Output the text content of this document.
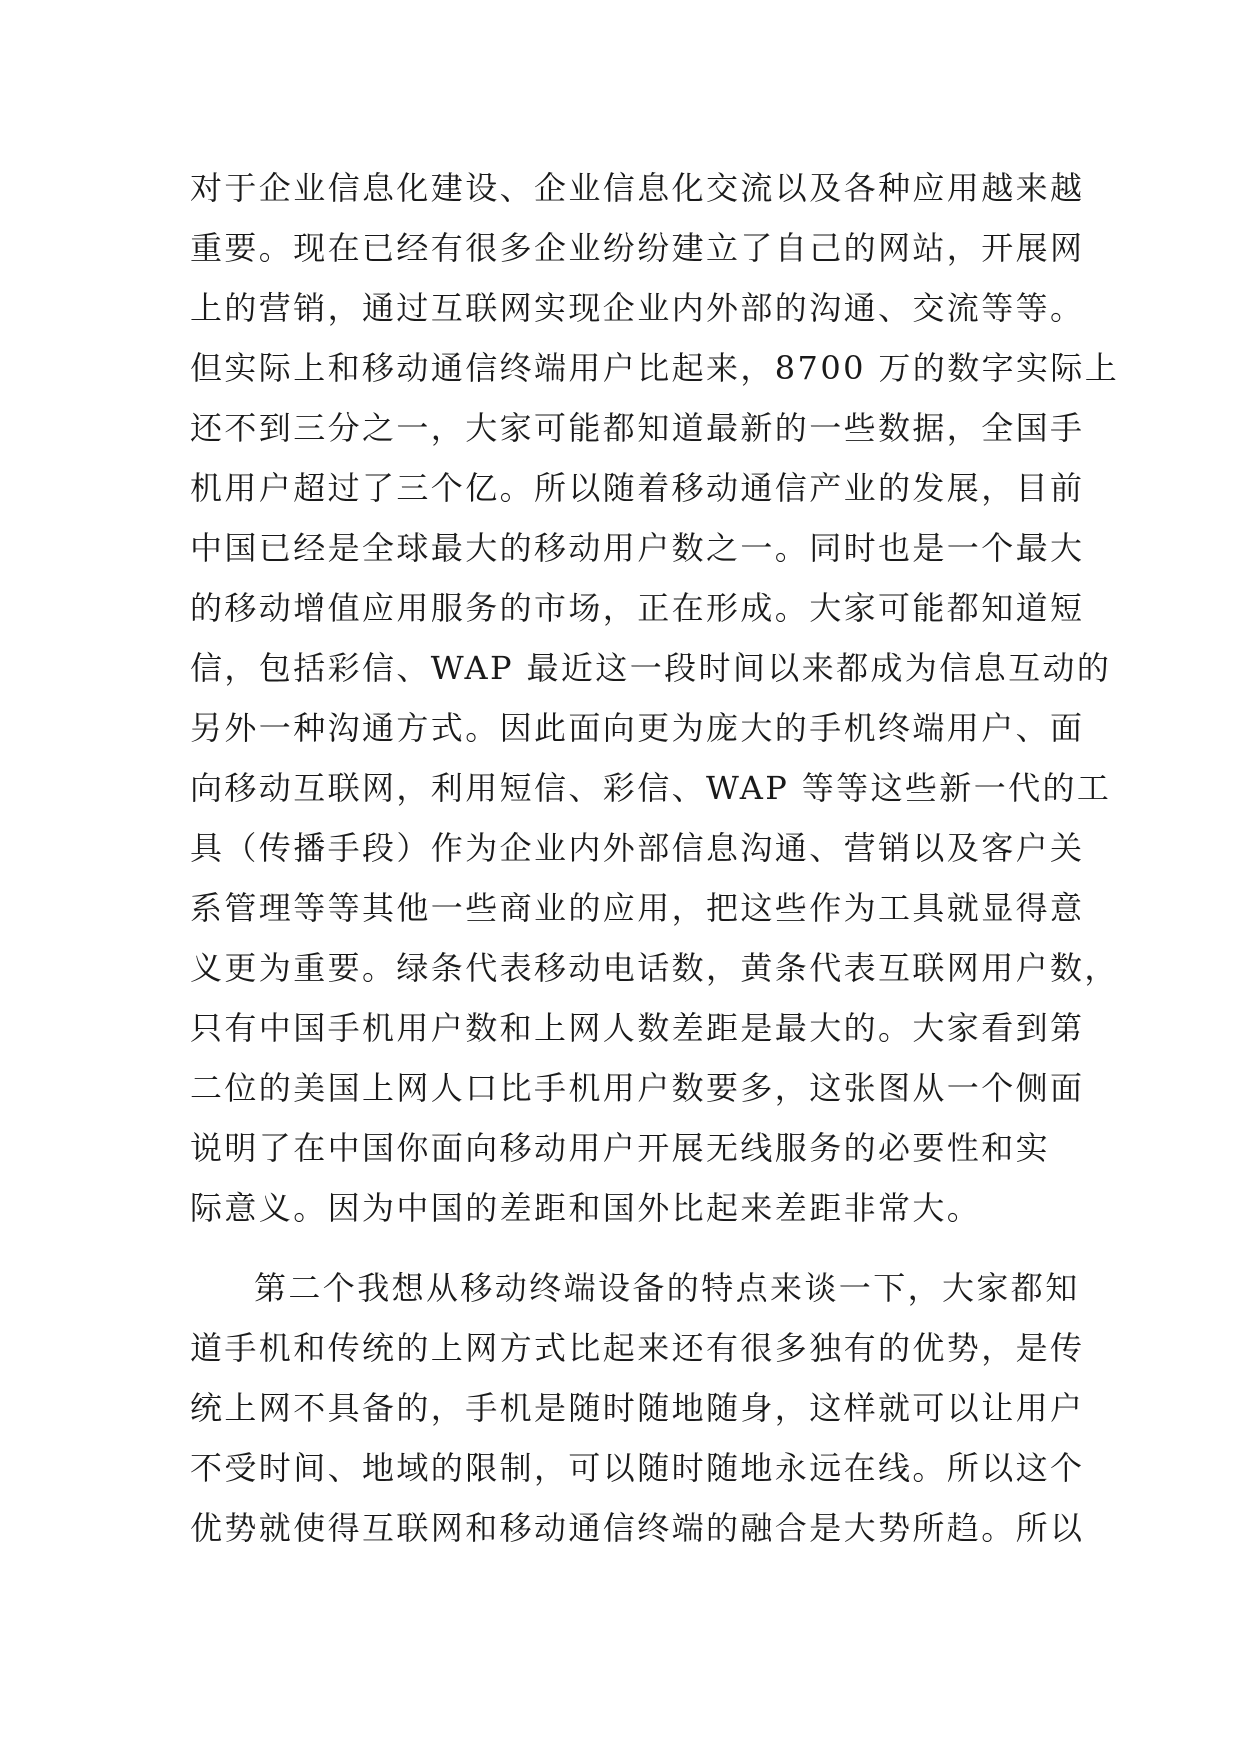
对于企业信息化建设、企业信息化交流以及各种应用越来越
重要。现在已经有很多企业纷纷建立了自己的网站，开展网
上的营销，通过互联网实现企业内外部的沟通、交流等等。
但实际上和移动通信终端用户比起来，8700 万的数字实际上
还不到三分之一，大家可能都知道最新的一些数据，全国手
机用户超过了三个亿。所以随着移动通信产业的发展，目前
中国已经是全球最大的移动用户数之一。同时也是一个最大
的移动增值应用服务的市场，正在形成。大家可能都知道短
信，包括彩信、WAP 最近这一段时间以来都成为信息互动的
另外一种沟通方式。因此面向更为庞大的手机终端用户、面
向移动互联网，利用短信、彩信、WAP 等等这些新一代的工
具（传播手段）作为企业内外部信息沟通、营销以及客户关
系管理等等其他一些商业的应用，把这些作为工具就显得意
义更为重要。绿条代表移动电话数，黄条代表互联网用户数，
只有中国手机用户数和上网人数差距是最大的。大家看到第
二位的美国上网人口比手机用户数要多，这张图从一个侧面
说明了在中国你面向移动用户开展无线服务的必要性和实
际意义。因为中国的差距和国外比起来差距非常大。
第二个我想从移动终端设备的特点来谈一下，大家都知
道手机和传统的上网方式比起来还有很多独有的优势，是传
统上网不具备的，手机是随时随地随身，这样就可以让用户
不受时间、地域的限制，可以随时随地永远在线。所以这个
优势就使得互联网和移动通信终端的融合是大势所趋。所以
